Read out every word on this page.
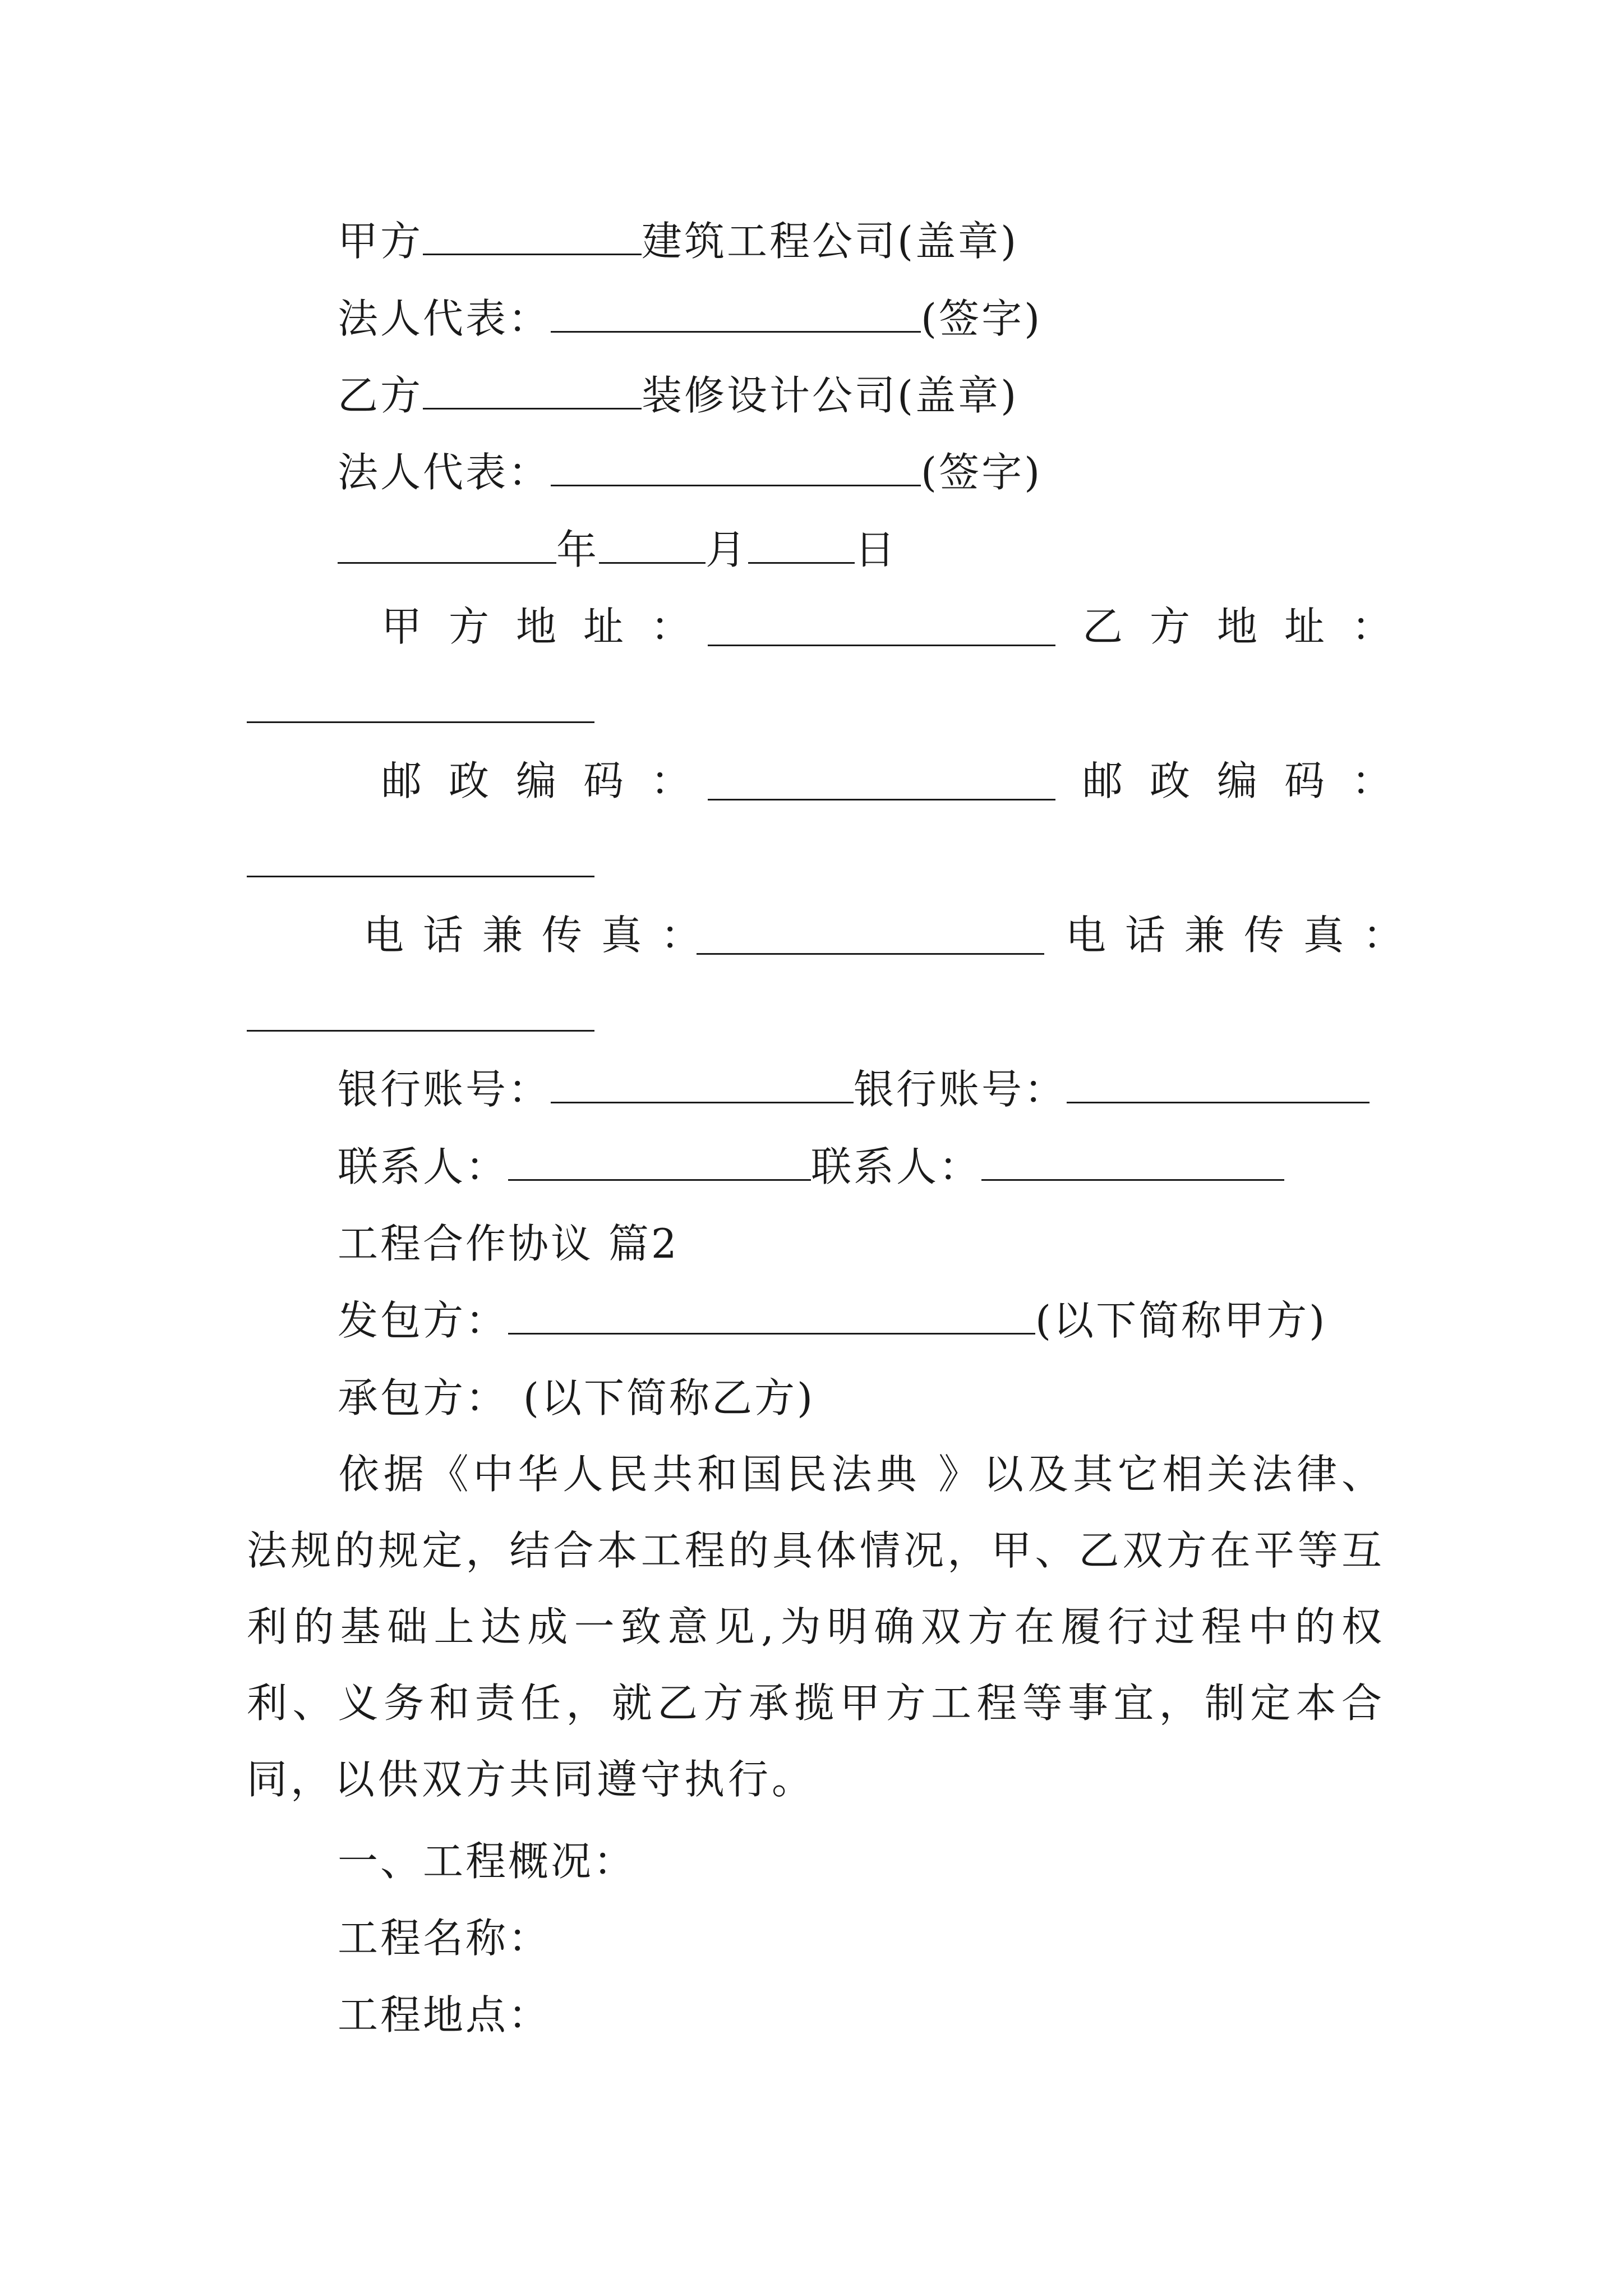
甲方	建筑工程公司(盖章)
法人代表：	(签字)
乙方	装修设计公司(盖章)
法人代表：	(签字)
年	月	日
甲方地址：	乙方地址：
邮政编码：	邮政编码：
电话兼传真：	电话兼传真：
银行账号：	银行账号：
联系人：	联系人：
工程合作协议 篇2
发包方：	(以下简称甲方)
承包方： (以下简称乙方)
依据《中华人民共和国民法典 》以及其它相关法律、法规的规定，结合本工程的具体情况，甲、乙双方在平等互利的基础上达成一致意见,为明确双方在履行过程中的权利、义务和责任，就乙方承揽甲方工程等事宜，制定本合同，以供双方共同遵守执行。
一、工程概况：
工程名称：
工程地点：
